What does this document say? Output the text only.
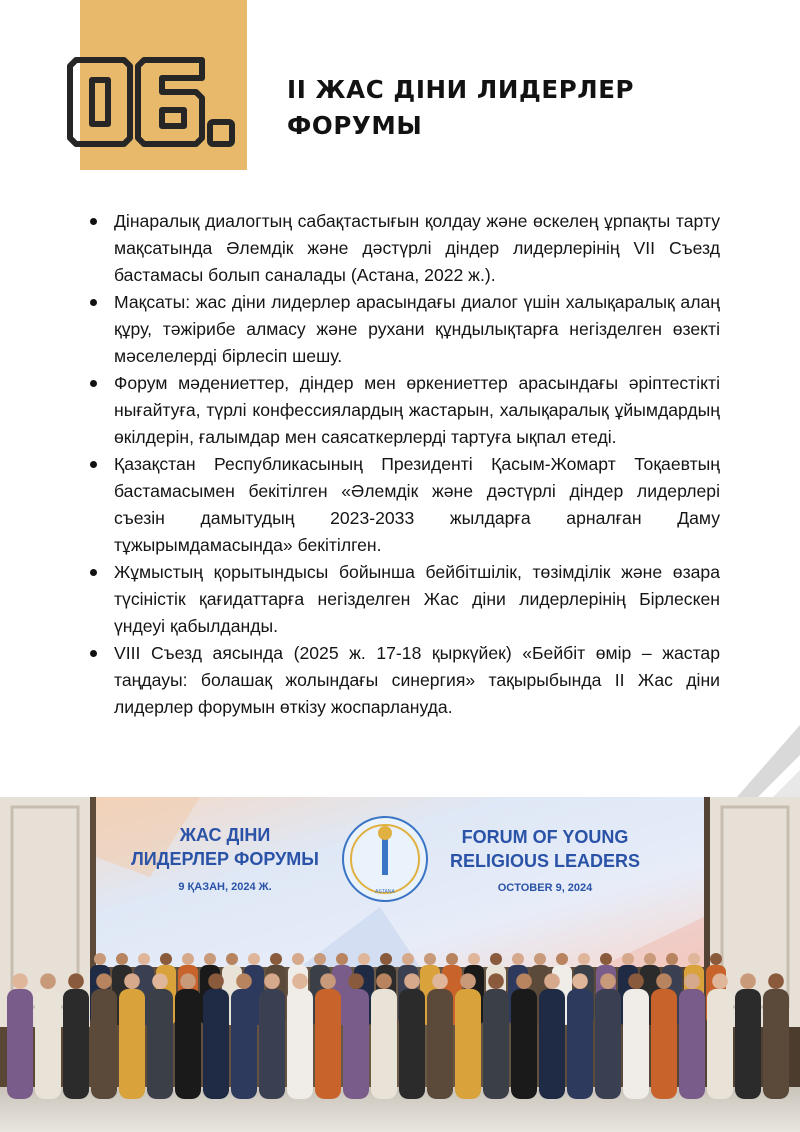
06.
II ЖАС ДІНИ ЛИДЕРЛЕР
ФОРУМЫ
Дінаралық диалогтың сабақтастығын қолдау және өскелең ұрпақты тарту мақсатында Әлемдік және дәстүрлі діндер лидерлерінің VII Съезд бастамасы болып саналады (Астана, 2022 ж.).
Мақсаты: жас діни лидерлер арасындағы диалог үшін халықаралық алаң құру, тәжірибе алмасу және рухани құндылықтарға негізделген өзекті мәселелерді бірлесіп шешу.
Форум мәдениеттер, діндер мен өркениеттер арасындағы әріптестікті нығайтуға, түрлі конфессиялардың жастарын, халықаралық ұйымдардың өкілдерін, ғалымдар мен саясаткерлерді тартуға ықпал етеді.
Қазақстан Республикасының Президенті Қасым-Жомарт Тоқаевтың бастамасымен бекітілген «Әлемдік және дәстүрлі діндер лидерлері съезін дамытудың 2023-2033 жылдарға арналған Даму тұжырымдамасында» бекітілген.
Жұмыстың қорытындысы бойынша бейбітшілік, төзімділік және өзара түсіністік қағидаттарға негізделген Жас діни лидерлерінің Бірлескен үндеуі қабылданды.
VIII Съезд аясында (2025 ж. 17-18 қыркүйек) «Бейбіт өмір – жастар таңдауы: болашақ жолындағы синергия» тақырыбында II Жас діни лидерлер форумын өткізу жоспарлануда.
ASTANA
ЖАС ДІНИ
ЛИДЕРЛЕР ФОРУМЫ
9 ҚАЗАН, 2024 Ж.
FORUM OF YOUNG
RELIGIOUS LEADERS
OCTOBER 9, 2024
